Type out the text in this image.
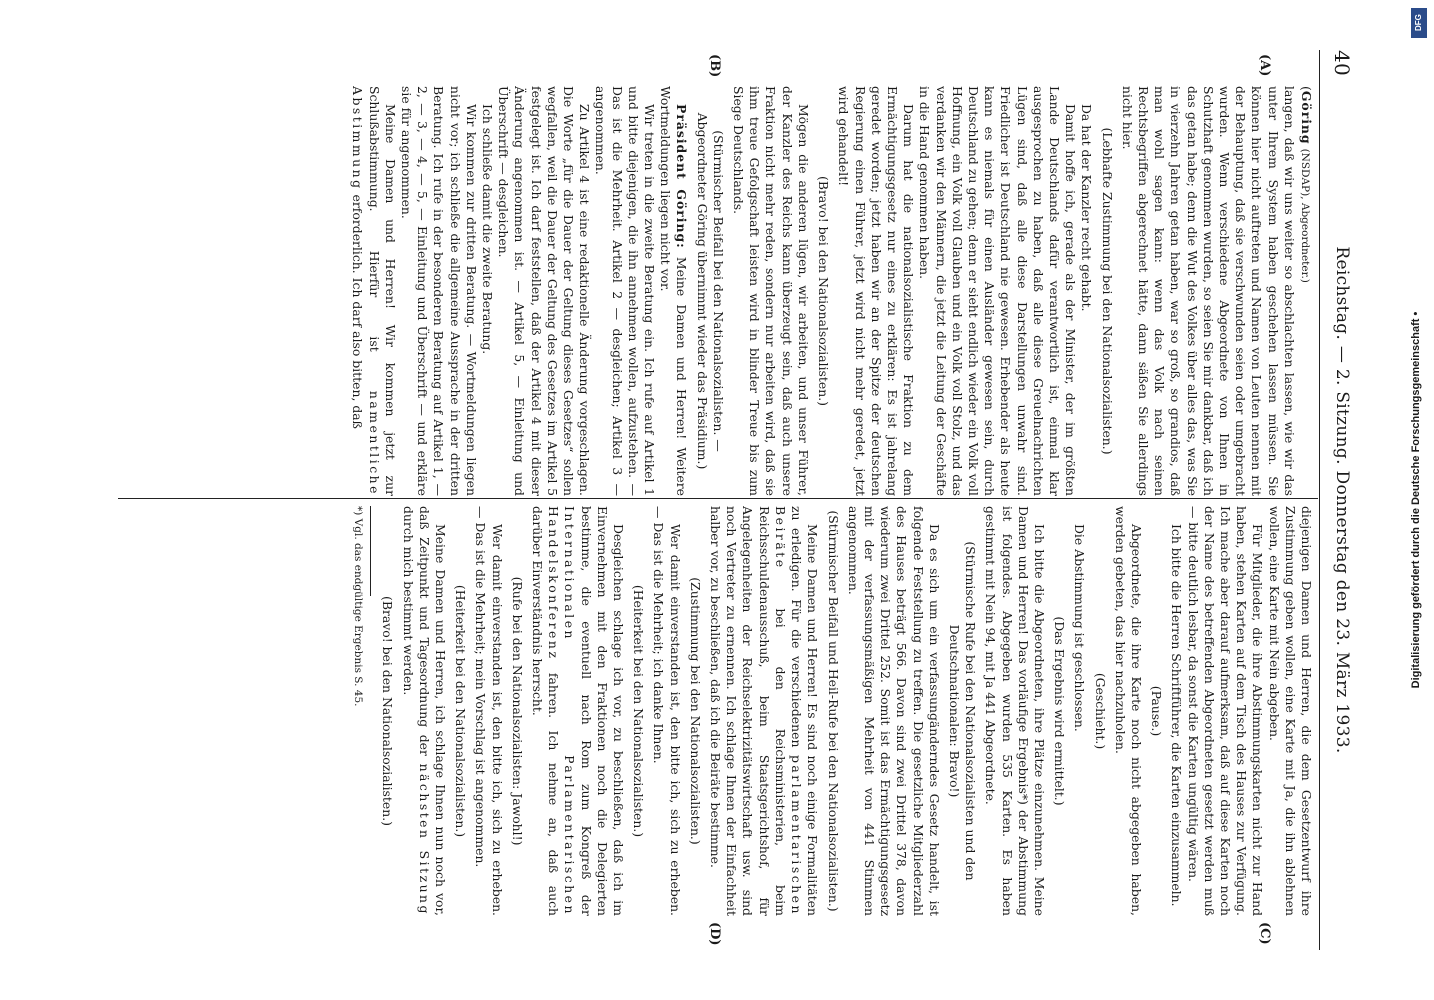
40
Reichstag. — 2. Sitzung. Donnerstag den 23. März 1933.
(A)
(B)
(C)
(D)

(Göring (NSDAP), Abgeordneter.)

langen, daß wir uns weiter so abschlachten lassen, wie wir das unter Ihrem System haben geschehen lassen müssen. Sie können hier nicht auftreten und Namen von Leuten nennen mit der Behauptung, daß sie verschwunden seien oder umgebracht wurden. Wenn verschiedene Abgeordnete von Ihnen in Schutzhaft genommen wurden, so seien Sie mir dankbar, daß ich das getan habe; denn die Wut des Volkes über alles das, was Sie in vierzehn Jahren getan haben, war so groß, so grandios, daß man wohl sagen kann: wenn das Volk nach seinen Rechtsbegriffen abgerechnet hätte, dann säßen Sie allerdings nicht hier.

(Lebhafte Zustimmung bei den Nationalsozialisten.)

Da hat der Kanzler recht gehabt.

Damit hoffe ich, gerade als der Minister, der im größten Lande Deutschlands dafür verantwortlich ist, einmal klar ausgesprochen zu haben, daß alle diese Greuelnachrichten Lügen sind, daß alle diese Darstellungen unwahr sind. Friedlicher ist Deutschland nie gewesen. Erhebender als heute kann es niemals für einen Ausländer gewesen sein, durch Deutschland zu gehen; denn er sieht endlich wieder ein Volk voll Hoffnung, ein Volk voll Glauben und ein Volk voll Stolz, und das verdanken wir den Männern, die jetzt die Leitung der Geschäfte in die Hand genommen haben.

Darum hat die nationalsozialistische Fraktion zu dem Ermächtigungsgesetz nur eines zu erklären: Es ist jahrelang geredet worden; jetzt haben wir an der Spitze der deutschen Regierung einen Führer, jetzt wird nicht mehr geredet, jetzt wird gehandelt!

(Bravo! bei den Nationalsozialisten.)

Mögen die anderen lügen, wir arbeiten, und unser Führer, der Kanzler des Reichs kann überzeugt sein, daß auch unsere Fraktion nicht mehr reden, sondern nur arbeiten wird, daß sie ihm treue Gefolgschaft leisten wird in blinder Treue bis zum Siege Deutschlands.

(Stürmischer Beifall bei den Nationalsozialisten. — Abgeordneter Göring übernimmt wieder das Präsidium.)

Präsident Göring: Meine Damen und Herren! Weitere Wortmeldungen liegen nicht vor.

Wir treten in die zweite Beratung ein. Ich rufe auf Artikel 1 und bitte diejenigen, die ihn annehmen wollen, aufzustehen. — Das ist die Mehrheit. Artikel 2 — desgleichen; Artikel 3 — angenommen.

Zu Artikel 4 ist eine redaktionelle Änderung vorgeschlagen. Die Worte „für die Dauer der Geltung dieses Gesetzes“ sollen wegfallen, weil die Dauer der Geltung des Gesetzes im Artikel 5 festgelegt ist. Ich darf feststellen, daß der Artikel 4 mit dieser Änderung angenommen ist. — Artikel 5, — Einleitung und Überschrift — desgleichen.

Ich schließe damit die zweite Beratung.

Wir kommen zur dritten Beratung. — Wortmeldungen liegen nicht vor; ich schließe die allgemeine Aussprache in der dritten Beratung. Ich rufe in der besonderen Beratung auf Artikel 1, — 2, — 3, — 4, — 5, — Einleitung und Überschrift — und erkläre sie für angenommen.

Meine Damen und Herren! Wir kommen jetzt zur Schlußabstimmung. Hierfür ist namentliche Abstimmung erforderlich. Ich darf also bitten, daß

diejenigen Damen und Herren, die dem Gesetzentwurf ihre Zustimmung geben wollen, eine Karte mit Ja, die ihn ablehnen wollen, eine Karte mit Nein abgeben.

Für Mitglieder, die ihre Abstimmungskarten nicht zur Hand haben, stehen Karten auf dem Tisch des Hauses zur Verfügung. Ich mache aber darauf aufmerksam, daß auf diese Karten noch der Name des betreffenden Abgeordneten gesetzt werden muß — bitte deutlich lesbar, da sonst die Karten ungültig wären.

Ich bitte die Herren Schriftführer, die Karten einzusammeln.

(Pause.)

Abgeordnete, die ihre Karte noch nicht abgegeben haben, werden gebeten, das hier nachzuholen.

(Geschieht.)

Die Abstimmung ist geschlossen.

(Das Ergebnis wird ermittelt.)

Ich bitte die Abgeordneten, ihre Plätze einzunehmen. Meine Damen und Herren! Das vorläufige Ergebnis*) der Abstimmung ist folgendes. Abgegeben wurden 535 Karten. Es haben gestimmt mit Nein 94, mit Ja 441 Abgeordnete.

(Stürmische Rufe bei den Nationalsozialisten und den Deutschnationalen: Bravo!)

Da es sich um ein verfassungänderndes Gesetz handelt, ist folgende Feststellung zu treffen. Die gesetzliche Mitgliederzahl des Hauses beträgt 566. Davon sind zwei Drittel 378, davon wiederum zwei Drittel 252. Somit ist das Ermächtigungsgesetz mit der verfassungsmäßigen Mehrheit von 441 Stimmen angenommen.

(Stürmischer Beifall und Heil-Rufe bei den Nationalsozialisten.)

Meine Damen und Herren! Es sind noch einige Formalitäten zu erledigen. Für die verschiedenen parlamentarischen Beiräte bei den Reichsministerien, beim Reichsschuldenausschuß, beim Staatsgerichtshof, für Angelegenheiten der Reichselektrizitätswirtschaft usw. sind noch Vertreter zu ernennen. Ich schlage Ihnen der Einfachheit halber vor, zu beschließen, daß ich die Beiräte bestimme.

(Zustimmung bei den Nationalsozialisten.)

Wer damit einverstanden ist, den bitte ich, sich zu erheben. — Das ist die Mehrheit; ich danke Ihnen.

(Heiterkeit bei den Nationalsozialisten.)

Desgleichen schlage ich vor, zu beschließen, daß ich im Einvernehmen mit den Fraktionen noch die Delegierten bestimme, die eventuell nach Rom zum Kongreß der Internationalen Parlamentarischen Handelskonferenz fahren. Ich nehme an, daß auch darüber Einverständnis herrscht.

(Rufe bei den Nationalsozialisten: Jawohl!)

Wer damit einverstanden ist, den bitte ich, sich zu erheben. — Das ist die Mehrheit; mein Vorschlag ist angenommen.

(Heiterkeit bei den Nationalsozialisten.)

Meine Damen und Herren, ich schlage Ihnen nun noch vor, daß Zeitpunkt und Tagesordnung der nächsten Sitzung durch mich bestimmt werden.

(Bravo! bei den Nationalsozialisten.)

*) Vgl. das endgültige Ergebnis S. 45.

DFG
Digitalisierung gefördert durch die Deutsche Forschungsgemeinschaft •
